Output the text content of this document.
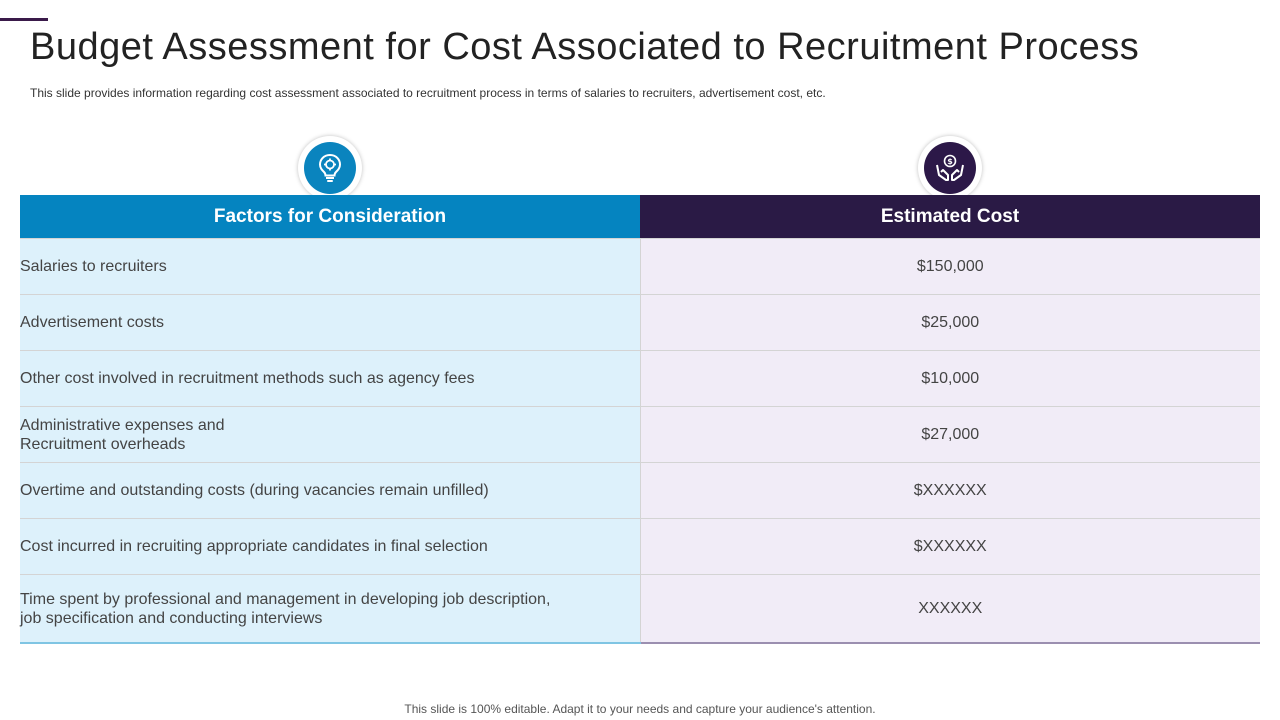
Budget Assessment for Cost Associated to Recruitment Process

This slide provides information regarding cost assessment associated to recruitment process in terms of salaries to recruiters, advertisement cost, etc.

$
Factors for Consideration	Estimated Cost
Salaries to recruiters	$150,000
Advertisement costs	$25,000
Other cost involved in recruitment methods such as agency fees	$10,000
Administrative expenses and
Recruitment overheads	$27,000
Overtime and outstanding costs (during vacancies remain unfilled)	$XXXXXX
Cost incurred in recruiting appropriate candidates in final selection	$XXXXXX
Time spent by professional and management in developing job description,
job specification and conducting interviews	XXXXXX
This slide is 100% editable. Adapt it to your needs and capture your audience's attention.
